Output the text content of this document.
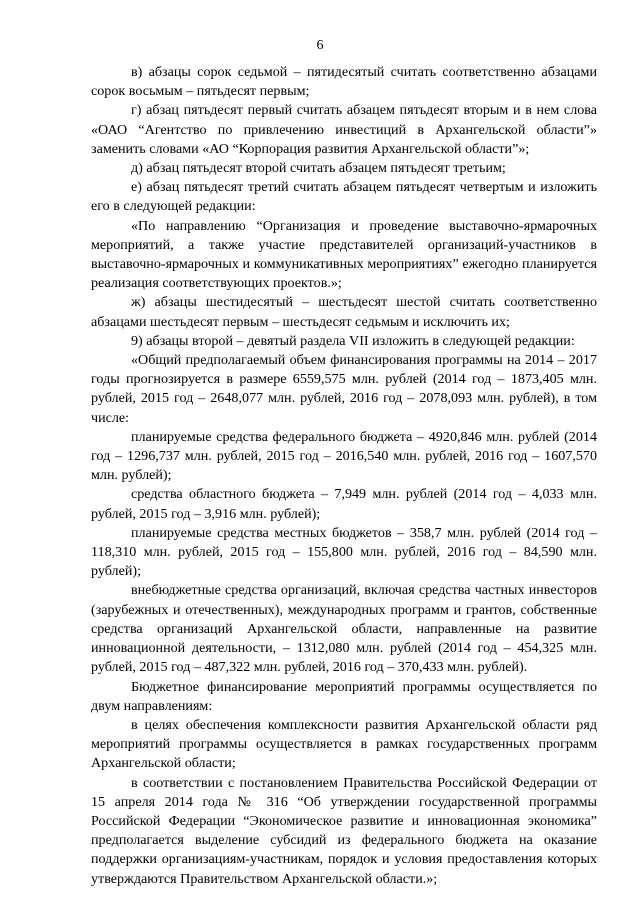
6

в) абзацы сорок седьмой – пятидесятый считать соответственно абзацами сорок восьмым – пятьдесят первым;

г) абзац пятьдесят первый считать абзацем пятьдесят вторым и в нем слова «ОАО “Агентство по привлечению инвестиций в Архангельской области”» заменить словами «АО “Корпорация развития Архангельской области”»;

д) абзац пятьдесят второй считать абзацем пятьдесят третьим;

е) абзац пятьдесят третий считать абзацем пятьдесят четвертым и изложить его в следующей редакции:

«По направлению “Организация и проведение выставочно-ярмарочных мероприятий, а также участие представителей организаций-участников в выставочно-ярмарочных и коммуникативных мероприятиях” ежегодно планируется реализация соответствующих проектов.»;

ж) абзацы шестидесятый – шестьдесят шестой считать соответственно абзацами шестьдесят первым – шестьдесят седьмым и исключить их;

9) абзацы второй – девятый раздела VII изложить в следующей редакции:

«Общий предполагаемый объем финансирования программы на 2014 – 2017 годы прогнозируется в размере 6559,575 млн. рублей (2014 год – 1873,405 млн. рублей, 2015 год – 2648,077 млн. рублей, 2016 год – 2078,093 млн. рублей), в том числе:

планируемые средства федерального бюджета – 4920,846 млн. рублей (2014 год – 1296,737 млн. рублей, 2015 год – 2016,540 млн. рублей, 2016 год – 1607,570 млн. рублей);

средства областного бюджета – 7,949 млн. рублей (2014 год – 4,033 млн. рублей, 2015 год – 3,916 млн. рублей);

планируемые средства местных бюджетов – 358,7 млн. рублей (2014 год – 118,310 млн. рублей, 2015 год – 155,800 млн. рублей, 2016 год – 84,590 млн. рублей);

внебюджетные средства организаций, включая средства частных инвесторов (зарубежных и отечественных), международных программ и грантов, собственные средства организаций Архангельской области, направленные на развитие инновационной деятельности, – 1312,080 млн. рублей (2014 год – 454,325 млн. рублей, 2015 год – 487,322 млн. рублей, 2016 год – 370,433 млн. рублей).

Бюджетное финансирование мероприятий программы осуществляется по двум направлениям:

в целях обеспечения комплексности развития Архангельской области ряд мероприятий программы осуществляется в рамках государственных программ Архангельской области;

в соответствии с постановлением Правительства Российской Федерации от 15 апреля 2014 года № 316 “Об утверждении государственной программы Российской Федерации “Экономическое развитие и инновационная экономика” предполагается выделение субсидий из федерального бюджета на оказание поддержки организациям-участникам, порядок и условия предоставления которых утверждаются Правительством Архангельской области.»;
